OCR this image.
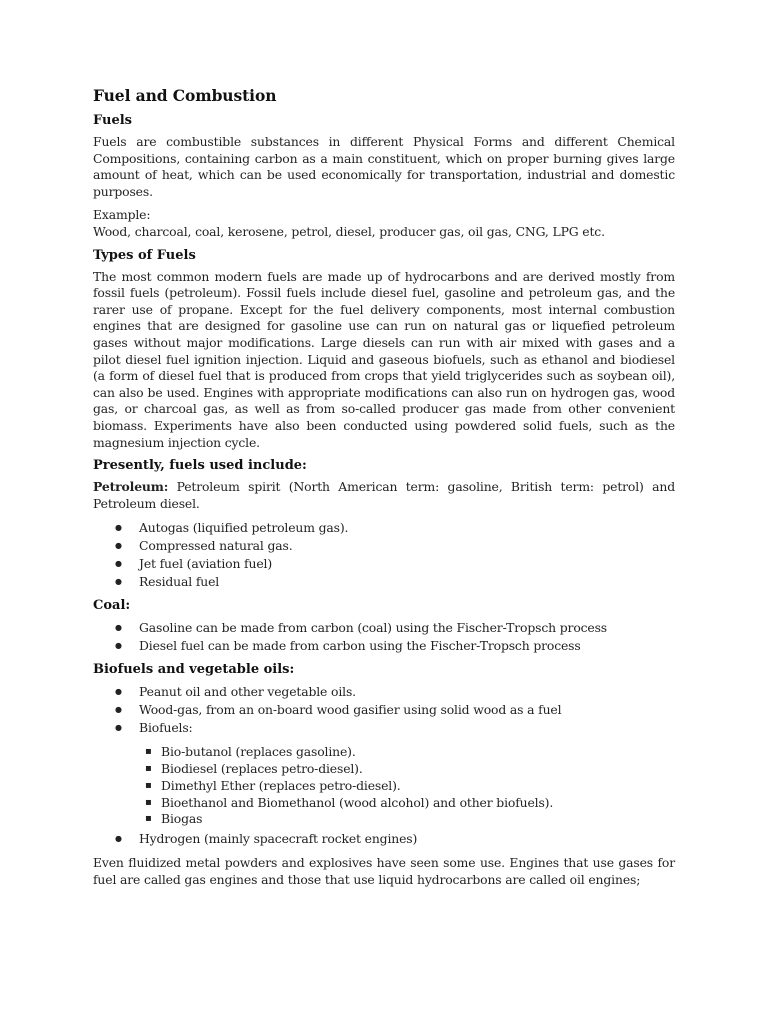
Fuel and Combustion
Fuels

Fuels are combustible substances in different Physical Forms and different Chemical Compositions, containing carbon as a main constituent, which on proper burning gives large amount of heat, which can be used economically for transportation, industrial and domestic purposes.

Example:

Wood, charcoal, coal, kerosene, petrol, diesel, producer gas, oil gas, CNG, LPG etc.

Types of Fuels

The most common modern fuels are made up of hydrocarbons and are derived mostly from fossil fuels (petroleum). Fossil fuels include diesel fuel, gasoline and petroleum gas, and the rarer use of propane. Except for the fuel delivery components, most internal combustion engines that are designed for gasoline use can run on natural gas or liquefied petroleum gases without major modifications. Large diesels can run with air mixed with gases and a pilot diesel fuel ignition injection. Liquid and gaseous biofuels, such as ethanol and biodiesel (a form of diesel fuel that is produced from crops that yield triglycerides such as soybean oil), can also be used. Engines with appropriate modifications can also run on hydrogen gas, wood gas, or charcoal gas, as well as from so-called producer gas made from other convenient biomass. Experiments have also been conducted using powdered solid fuels, such as the magnesium injection cycle.

Presently, fuels used include:

Petroleum: Petroleum spirit (North American term: gasoline, British term: petrol) and Petroleum diesel.

● Autogas (liquified petroleum gas).
● Compressed natural gas.
● Jet fuel (aviation fuel)
● Residual fuel
Coal:
● Gasoline can be made from carbon (coal) using the Fischer-Tropsch process
● Diesel fuel can be made from carbon using the Fischer-Tropsch process
Biofuels and vegetable oils:
● Peanut oil and other vegetable oils.
● Wood-gas, from an on-board wood gasifier using solid wood as a fuel
● Biofuels:
▪ Bio-butanol (replaces gasoline).
▪ Biodiesel (replaces petro-diesel).
▪ Dimethyl Ether (replaces petro-diesel).
▪ Bioethanol and Biomethanol (wood alcohol) and other biofuels).
▪ Biogas
● Hydrogen (mainly spacecraft rocket engines)

Even fluidized metal powders and explosives have seen some use. Engines that use gases for fuel are called gas engines and those that use liquid hydrocarbons are called oil engines;
